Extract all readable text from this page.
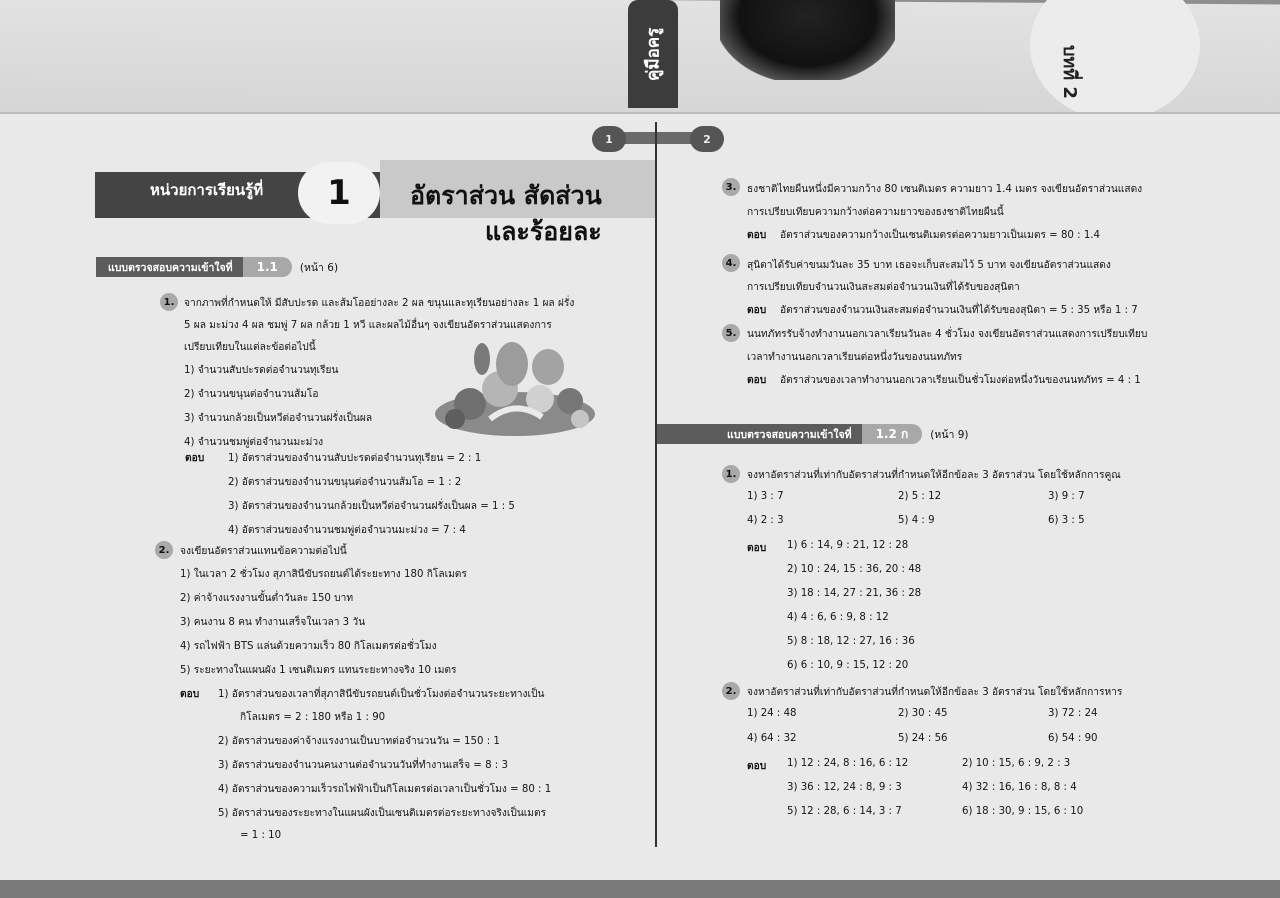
คู่มือครู	บทที่ 2
1	2
หน่วยการเรียนรู้ที่	1	อัตราส่วน สัดส่วน
และร้อยละ
แบบตรวจสอบความเข้าใจที่	1.1	(หน้า 6)
1. จากภาพที่กำหนดให้ มีสับปะรด และส้มโออย่างละ 2 ผล ขนุนและทุเรียนอย่างละ 1 ผล ฝรั่ง
5 ผล มะม่วง 4 ผล ชมพู่ 7 ผล กล้วย 1 หวี และผลไม้อื่นๆ จงเขียนอัตราส่วนแสดงการ
เปรียบเทียบในแต่ละข้อต่อไปนี้
1) จำนวนสับปะรดต่อจำนวนทุเรียน
2) จำนวนขนุนต่อจำนวนส้มโอ
3) จำนวนกล้วยเป็นหวีต่อจำนวนฝรั่งเป็นผล
4) จำนวนชมพู่ต่อจำนวนมะม่วง
ตอบ 1) อัตราส่วนของจำนวนสับปะรดต่อจำนวนทุเรียน = 2 : 1
2) อัตราส่วนของจำนวนขนุนต่อจำนวนส้มโอ = 1 : 2
3) อัตราส่วนของจำนวนกล้วยเป็นหวีต่อจำนวนฝรั่งเป็นผล = 1 : 5
4) อัตราส่วนของจำนวนชมพู่ต่อจำนวนมะม่วง = 7 : 4
2.	จงเขียนอัตราส่วนแทนข้อความต่อไปนี้
1) ในเวลา 2 ชั่วโมง สุภาสินีขับรถยนต์ได้ระยะทาง 180 กิโลเมตร
2) ค่าจ้างแรงงานขั้นต่ำวันละ 150 บาท
3) คนงาน 8 คน ทำงานเสร็จในเวลา 3 วัน
4) รถไฟฟ้า BTS แล่นด้วยความเร็ว 80 กิโลเมตรต่อชั่วโมง
5) ระยะทางในแผนผัง 1 เซนติเมตร แทนระยะทางจริง 10 เมตร
ตอบ 1) อัตราส่วนของเวลาที่สุภาสินีขับรถยนต์เป็นชั่วโมงต่อจำนวนระยะทางเป็น
กิโลเมตร = 2 : 180 หรือ 1 : 90
2) อัตราส่วนของค่าจ้างแรงงานเป็นบาทต่อจำนวนวัน = 150 : 1
3) อัตราส่วนของจำนวนคนงานต่อจำนวนวันที่ทำงานเสร็จ = 8 : 3
4) อัตราส่วนของความเร็วรถไฟฟ้าเป็นกิโลเมตรต่อเวลาเป็นชั่วโมง = 80 : 1
5) อัตราส่วนของระยะทางในแผนผังเป็นเซนติเมตรต่อระยะทางจริงเป็นเมตร
= 1 : 10
3.	ธงชาติไทยผืนหนึ่งมีความกว้าง 80 เซนติเมตร ความยาว 1.4 เมตร จงเขียนอัตราส่วนแสดง
การเปรียบเทียบความกว้างต่อความยาวของธงชาติไทยผืนนี้
ตอบ อัตราส่วนของความกว้างเป็นเซนติเมตรต่อความยาวเป็นเมตร = 80 : 1.4
4.	สุนิตาได้รับค่าขนมวันละ 35 บาท เธอจะเก็บสะสมไว้ 5 บาท จงเขียนอัตราส่วนแสดง
การเปรียบเทียบจำนวนเงินสะสมต่อจำนวนเงินที่ได้รับของสุนิตา
ตอบ อัตราส่วนของจำนวนเงินสะสมต่อจำนวนเงินที่ได้รับของสุนิตา = 5 : 35 หรือ 1 : 7
5.	นนทภัทรรับจ้างทำงานนอกเวลาเรียนวันละ 4 ชั่วโมง จงเขียนอัตราส่วนแสดงการเปรียบเทียบ
เวลาทำงานนอกเวลาเรียนต่อหนึ่งวันของนนทภัทร
ตอบ อัตราส่วนของเวลาทำงานนอกเวลาเรียนเป็นชั่วโมงต่อหนึ่งวันของนนทภัทร = 4 : 1
แบบตรวจสอบความเข้าใจที่	1.2 ก	(หน้า 9)
1.	จงหาอัตราส่วนที่เท่ากับอัตราส่วนที่กำหนดให้อีกข้อละ 3 อัตราส่วน โดยใช้หลักการคูณ
1) 3 : 7	2) 5 : 12	3) 9 : 7
4) 2 : 3	5) 4 : 9	6) 3 : 5
ตอบ 1) 6 : 14, 9 : 21, 12 : 28
2) 10 : 24, 15 : 36, 20 : 48
3) 18 : 14, 27 : 21, 36 : 28
4) 4 : 6, 6 : 9, 8 : 12
5) 8 : 18, 12 : 27, 16 : 36
6) 6 : 10, 9 : 15, 12 : 20
2.	จงหาอัตราส่วนที่เท่ากับอัตราส่วนที่กำหนดให้อีกข้อละ 3 อัตราส่วน โดยใช้หลักการหาร
1) 24 : 48	2) 30 : 45	3) 72 : 24
4) 64 : 32	5) 24 : 56	6) 54 : 90
ตอบ 1) 12 : 24, 8 : 16, 6 : 12	2) 10 : 15, 6 : 9, 2 : 3
3) 36 : 12, 24 : 8, 9 : 3	4) 32 : 16, 16 : 8, 8 : 4
5) 12 : 28, 6 : 14, 3 : 7	6) 18 : 30, 9 : 15, 6 : 10
